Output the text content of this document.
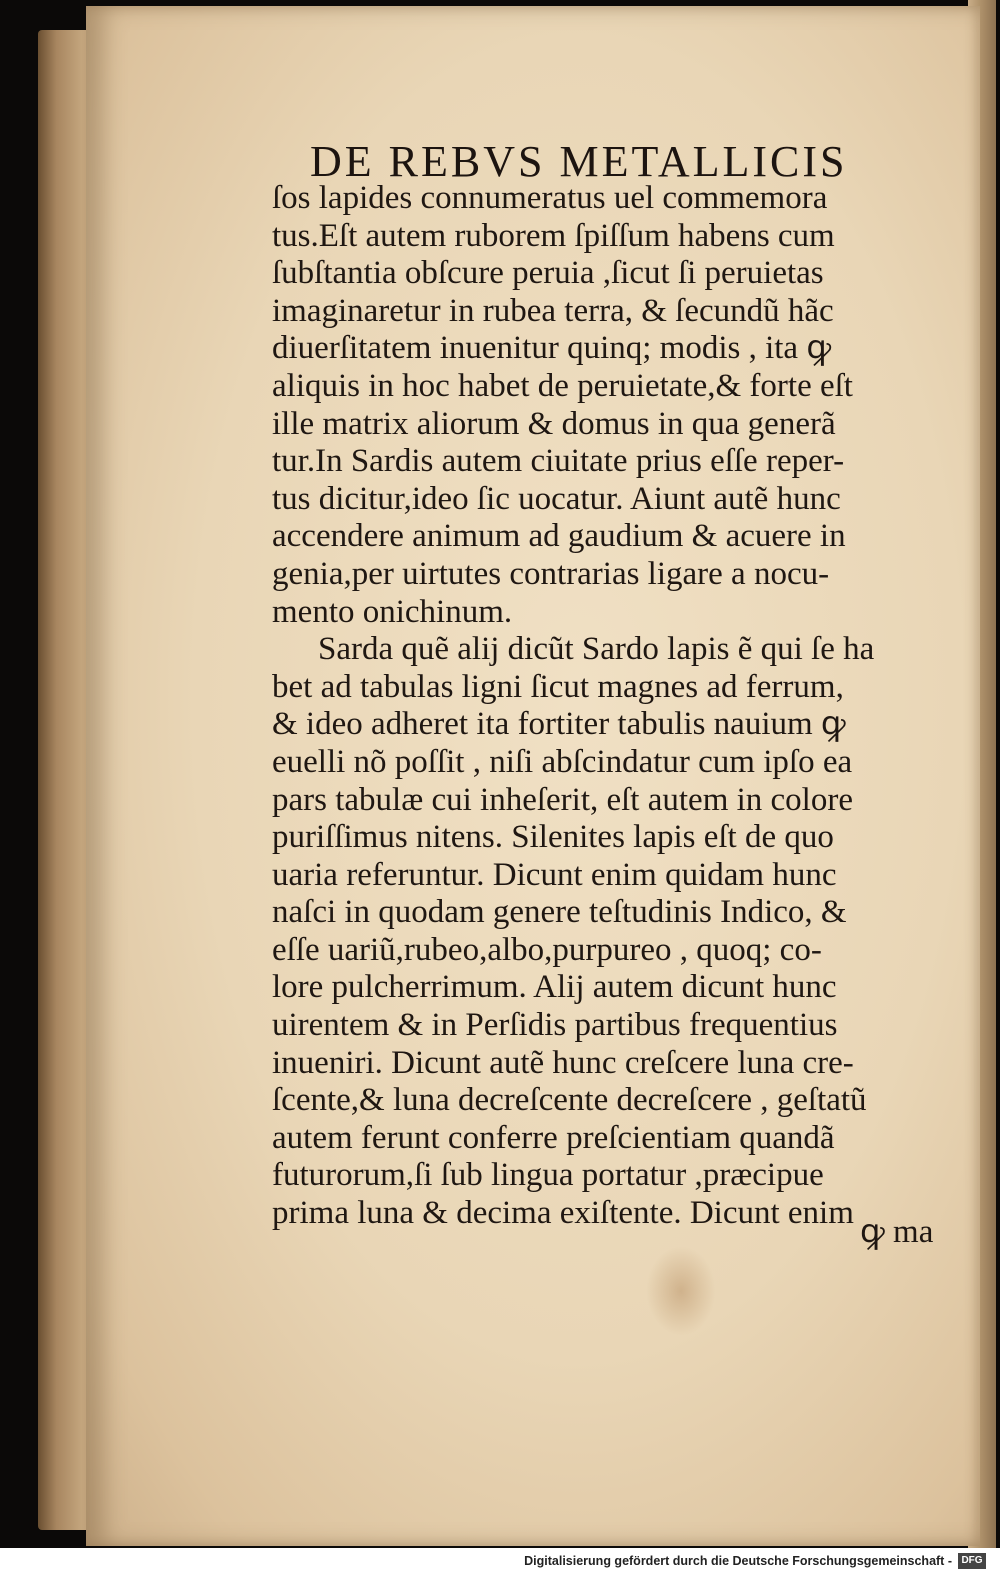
DE REBVS METALLICIS
ſos lapides connumeratus uel commemora
tus.Eſt autem ruborem ſpiſſum habens cum
ſubſtantia obſcure peruia ,ſicut ſi peruietas
imaginaretur in rubea terra, & ſecundũ hãc
diuerſitatem inuenitur quinq; modis , ita ꝙ
aliquis in hoc habet de peruietate,& forte eſt
ille matrix aliorum & domus in qua generã
tur.In Sardis autem ciuitate prius eſſe reper-
tus dicitur,ideo ſic uocatur. Aiunt autẽ hunc
accendere animum ad gaudium & acuere in
genia,per uirtutes contrarias ligare a nocu-
mento onichinum.
Sarda quẽ alij dicũt Sardo lapis ẽ qui ſe ha
bet ad tabulas ligni ſicut magnes ad ferrum,
& ideo adheret ita fortiter tabulis nauium ꝙ
euelli nõ poſſit , niſi abſcindatur cum ipſo ea
pars tabulæ cui inheſerit, eſt autem in colore
puriſſimus nitens. Silenites lapis eſt de quo
uaria referuntur. Dicunt enim quidam hunc
naſci in quodam genere teſtudinis Indico, &
eſſe uariũ,rubeo,albo,purpureo , quoq; co-
lore pulcherrimum. Alij autem dicunt hunc
uirentem & in Perſidis partibus frequentius
inueniri. Dicunt autẽ hunc creſcere luna cre-
ſcente,& luna decreſcente decreſcere , geſtatũ
autem ferunt conferre preſcientiam quandã
futurorum,ſi ſub lingua portatur ,præcipue
prima luna & decima exiſtente. Dicunt enim
ꝙ ma
Digitalisierung gefördert durch die Deutsche Forschungsgemeinschaft - DFG
